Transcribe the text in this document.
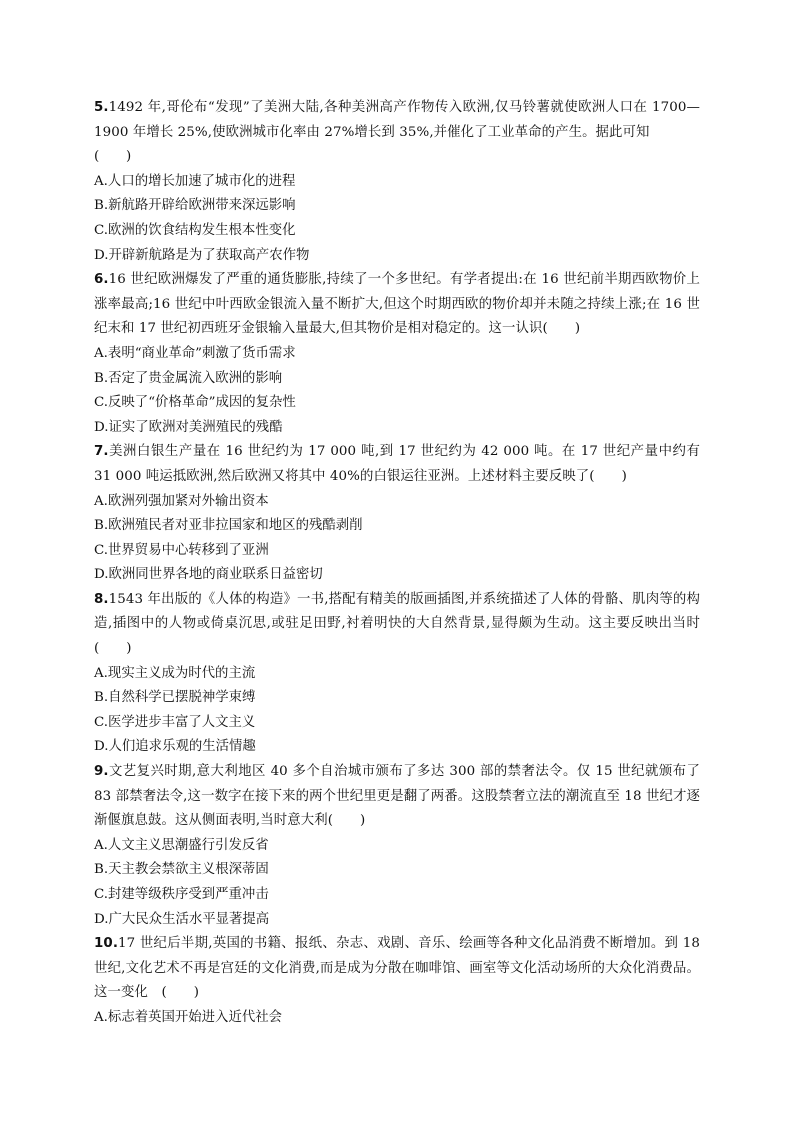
5.1492 年,哥伦布“发现”了美洲大陆,各种美洲高产作物传入欧洲,仅马铃薯就使欧洲人口在 1700—1900 年增长 25%,使欧洲城市化率由 27%增长到 35%,并催化了工业革命的产生。据此可知

(　　)

A.人口的增长加速了城市化的进程

B.新航路开辟给欧洲带来深远影响

C.欧洲的饮食结构发生根本性变化

D.开辟新航路是为了获取高产农作物

6.16 世纪欧洲爆发了严重的通货膨胀,持续了一个多世纪。有学者提出:在 16 世纪前半期西欧物价上涨率最高;16 世纪中叶西欧金银流入量不断扩大,但这个时期西欧的物价却并未随之持续上涨;在 16 世纪末和 17 世纪初西班牙金银输入量最大,但其物价是相对稳定的。这一认识(　　)

A.表明“商业革命”刺激了货币需求

B.否定了贵金属流入欧洲的影响

C.反映了“价格革命”成因的复杂性

D.证实了欧洲对美洲殖民的残酷

7.美洲白银生产量在 16 世纪约为 17 000 吨,到 17 世纪约为 42 000 吨。在 17 世纪产量中约有 31 000 吨运抵欧洲,然后欧洲又将其中 40%的白银运往亚洲。上述材料主要反映了(　　)

A.欧洲列强加紧对外输出资本

B.欧洲殖民者对亚非拉国家和地区的残酷剥削

C.世界贸易中心转移到了亚洲

D.欧洲同世界各地的商业联系日益密切

8.1543 年出版的《人体的构造》一书,搭配有精美的版画插图,并系统描述了人体的骨骼、肌肉等的构造,插图中的人物或倚桌沉思,或驻足田野,衬着明快的大自然背景,显得颇为生动。这主要反映出当时(　　)

A.现实主义成为时代的主流

B.自然科学已摆脱神学束缚

C.医学进步丰富了人文主义

D.人们追求乐观的生活情趣

9.文艺复兴时期,意大利地区 40 多个自治城市颁布了多达 300 部的禁奢法令。仅 15 世纪就颁布了 83 部禁奢法令,这一数字在接下来的两个世纪里更是翻了两番。这股禁奢立法的潮流直至 18 世纪才逐渐偃旗息鼓。这从侧面表明,当时意大利(　　)

A.人文主义思潮盛行引发反省

B.天主教会禁欲主义根深蒂固

C.封建等级秩序受到严重冲击

D.广大民众生活水平显著提高

10.17 世纪后半期,英国的书籍、报纸、杂志、戏剧、音乐、绘画等各种文化品消费不断增加。到 18 世纪,文化艺术不再是宫廷的文化消费,而是成为分散在咖啡馆、画室等文化活动场所的大众化消费品。这一变化　(　　)

A.标志着英国开始进入近代社会
